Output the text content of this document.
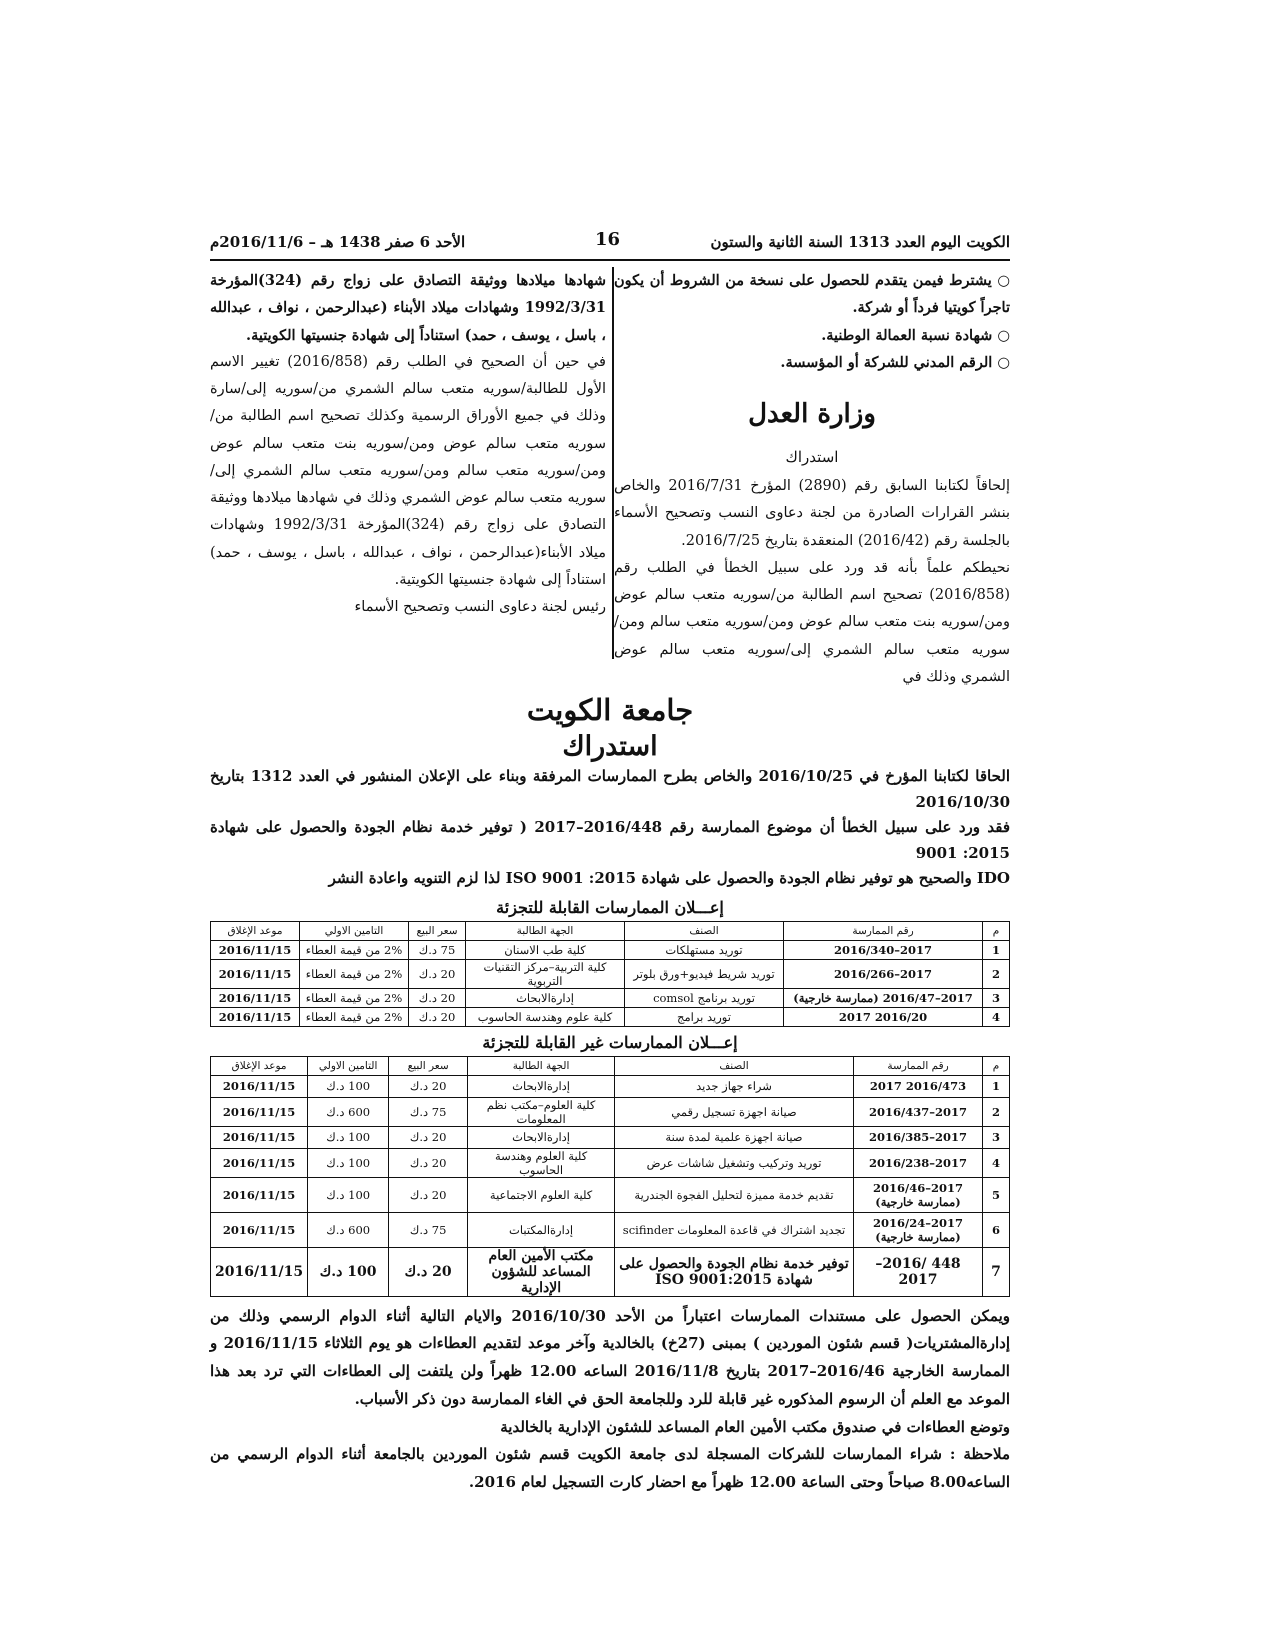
الكويت اليوم العدد 1313 السنة الثانية والستون
16
الأحد 6 صفر 1438 هـ – 2016/11/6م

○ يشترط فيمن يتقدم للحصول على نسخة من الشروط أن يكون تاجراً كويتيا فرداً أو شركة.

○ شهادة نسبة العمالة الوطنية.

○ الرقم المدني للشركة أو المؤسسة.

وزارة العدل
استدراك

إلحاقاً لكتابنا السابق رقم (2890) المؤرخ 2016/7/31 والخاص بنشر القرارات الصادرة من لجنة دعاوى النسب وتصحيح الأسماء بالجلسة رقم (2016/42) المنعقدة بتاريخ 2016/7/25.

نحيطكم علماً بأنه قد ورد على سبيل الخطأ في الطلب رقم (2016/858) تصحيح اسم الطالبة من/سوريه متعب سالم عوض ومن/سوريه بنت متعب سالم عوض ومن/سوريه متعب سالم ومن/سوريه متعب سالم الشمري إلى/سوريه متعب سالم عوض الشمري وذلك في

شهادها ميلادها ووثيقة التصادق على زواج رقم (324)المؤرخة 1992/3/31 وشهادات ميلاد الأبناء (عبدالرحمن ، نواف ، عبدالله ، باسل ، يوسف ، حمد) استناداً إلى شهادة جنسيتها الكويتية.

في حين أن الصحيح في الطلب رقم (2016/858) تغيير الاسم الأول للطالبة/سوريه متعب سالم الشمري من/سوريه إلى/سارة وذلك في جميع الأوراق الرسمية وكذلك تصحيح اسم الطالبة من/سوريه متعب سالم عوض ومن/سوريه بنت متعب سالم عوض ومن/سوريه متعب سالم ومن/سوريه متعب سالم الشمري إلى/سوريه متعب سالم عوض الشمري وذلك في شهادها ميلادها ووثيقة التصادق على زواج رقم (324)المؤرخة 1992/3/31 وشهادات ميلاد الأبناء(عبدالرحمن ، نواف ، عبدالله ، باسل ، يوسف ، حمد) استناداً إلى شهادة جنسيتها الكويتية.

رئيس لجنة دعاوى النسب وتصحيح الأسماء

جامعة الكويت
استدراك
الحاقا لكتابنا المؤرخ في 2016/10/25 والخاص بطرح الممارسات المرفقة وبناء على الإعلان المنشور في العدد 1312 بتاريخ 2016/10/30
فقد ورد على سبيل الخطأ أن موضوع الممارسة رقم 2016/448–2017 ( توفير خدمة نظام الجودة والحصول على شهادة 2015: 9001
IDO والصحيح هو توفير نظام الجودة والحصول على شهادة 2015: 9001 ISO لذا لزم التنويه واعادة النشر
إعـــلان الممارسات القابلة للتجزئة
م	رقم الممارسة	الصنف	الجهة الطالبة	سعر البيع	التامين الاولي	موعد الإغلاق
1	2017–2016/340	توريد مستهلكات	كلية طب الاسنان	75 د.ك	2% من قيمة العطاء	2016/11/15
2	2017–2016/266	توريد شريط فيديو+ورق بلوتر	كلية التربية–مركز التقنيات التربوية	20 د.ك	2% من قيمة العطاء	2016/11/15
3	2017–2016/47 (ممارسة خارجية)	توريد برنامج comsol	إدارةالابحاث	20 د.ك	2% من قيمة العطاء	2016/11/15
4	2016/20 2017	توريد برامج	كلية علوم وهندسة الحاسوب	20 د.ك	2% من قيمة العطاء	2016/11/15
إعـــلان الممارسات غير القابلة للتجزئة
م	رقم الممارسة	الصنف	الجهة الطالبة	سعر البيع	التامين الاولي	موعد الإغلاق
1	2016/473 2017	شراء جهاز جديد	إدارةالابحاث	20 د.ك	100 د.ك	2016/11/15
2	2017–2016/437	صيانة اجهزة تسجيل رقمي	كلية العلوم–مكتب نظم المعلومات	75 د.ك	600 د.ك	2016/11/15
3	2017–2016/385	صيانة اجهزة علمية لمدة سنة	إدارةالابحاث	20 د.ك	100 د.ك	2016/11/15
4	2017–2016/238	توريد وتركيب وتشغيل شاشات عرض	كلية العلوم وهندسة الحاسوب	20 د.ك	100 د.ك	2016/11/15
5	2017–2016/46 (ممارسة خارجية)	تقديم خدمة مميزة لتحليل الفجوة الجندرية	كلية العلوم الاجتماعية	20 د.ك	100 د.ك	2016/11/15
6	2017–2016/24 (ممارسة خارجية)	تجديد اشتراك في قاعدة المعلومات scifinder	إدارةالمكتبات	75 د.ك	600 د.ك	2016/11/15
7	448 /2016–2017	توفير خدمة نظام الجودة والحصول على شهادة ISO 9001:2015	مكتب الأمين العام المساعد للشؤون الإدارية	20 د.ك	100 د.ك	2016/11/15

ويمكن الحصول على مستندات الممارسات اعتباراً من الأحد 2016/10/30 والايام التالية أثناء الدوام الرسمي وذلك من إدارةالمشتريات( قسم شئون الموردين ) بمبنى (27خ) بالخالدية وآخر موعد لتقديم العطاءات هو يوم الثلاثاء 2016/11/15 و الممارسة الخارجية 2016/46–2017 بتاريخ 2016/11/8 الساعه 12.00 ظهراً ولن يلتفت إلى العطاءات التي ترد بعد هذا الموعد مع العلم أن الرسوم المذكوره غير قابلة للرد وللجامعة الحق في الغاء الممارسة دون ذكر الأسباب.

وتوضع العطاءات في صندوق مكتب الأمين العام المساعد للشئون الإدارية بالخالدية

ملاحظة : شراء الممارسات للشركات المسجلة لدى جامعة الكويت قسم شئون الموردين بالجامعة أثناء الدوام الرسمي من الساعه8.00 صباحاً وحتى الساعة 12.00 ظهراً مع احضار كارت التسجيل لعام 2016.
